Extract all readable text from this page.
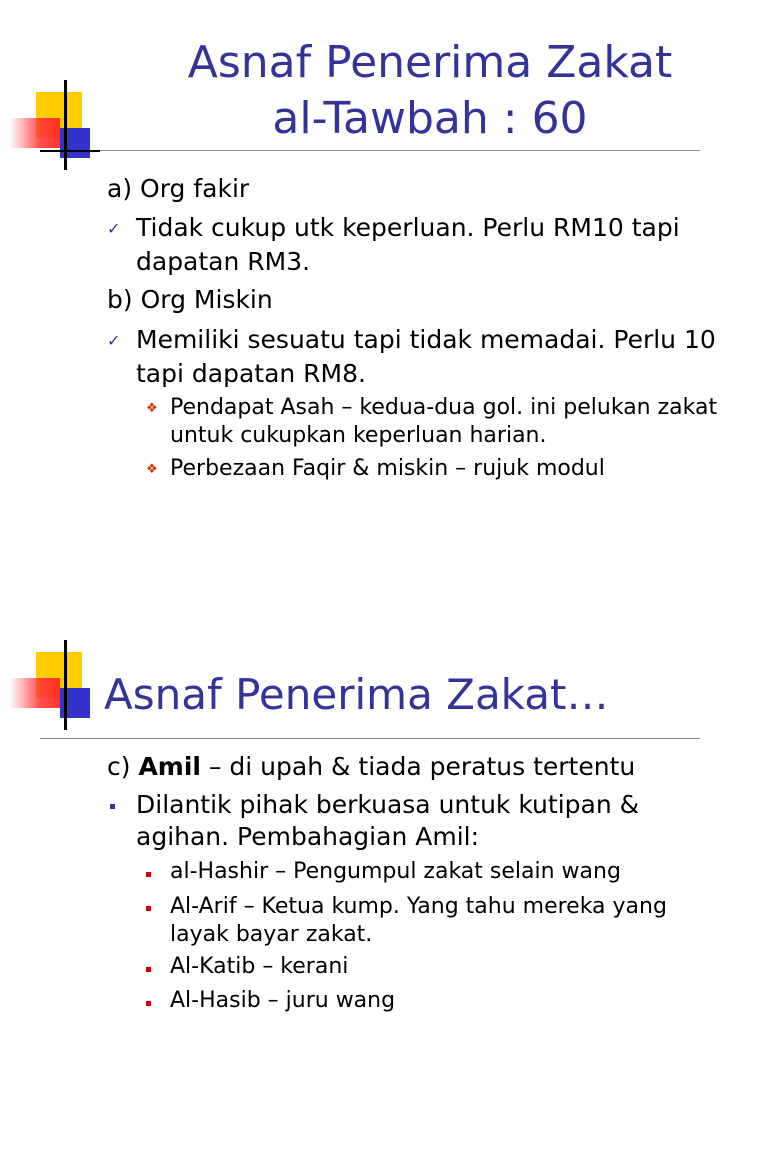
Asnaf Penerima Zakat
al-Tawbah : 60
a) Org fakir
✓ Tidak cukup utk keperluan. Perlu RM10 tapi
dapatan RM3.
b) Org Miskin
✓ Memiliki sesuatu tapi tidak memadai. Perlu 10
tapi dapatan RM8.
❖ Pendapat Asah – kedua-dua gol. ini pelukan zakat
untuk cukupkan keperluan harian.
❖ Perbezaan Faqir & miskin – rujuk modul
Asnaf Penerima Zakat…
c) Amil – di upah & tiada peratus tertentu
Dilantik pihak berkuasa untuk kutipan &
agihan. Pembahagian Amil:
al-Hashir – Pengumpul zakat selain wang
Al-Arif – Ketua kump. Yang tahu mereka yang
layak bayar zakat.
Al-Katib – kerani
Al-Hasib – juru wang
